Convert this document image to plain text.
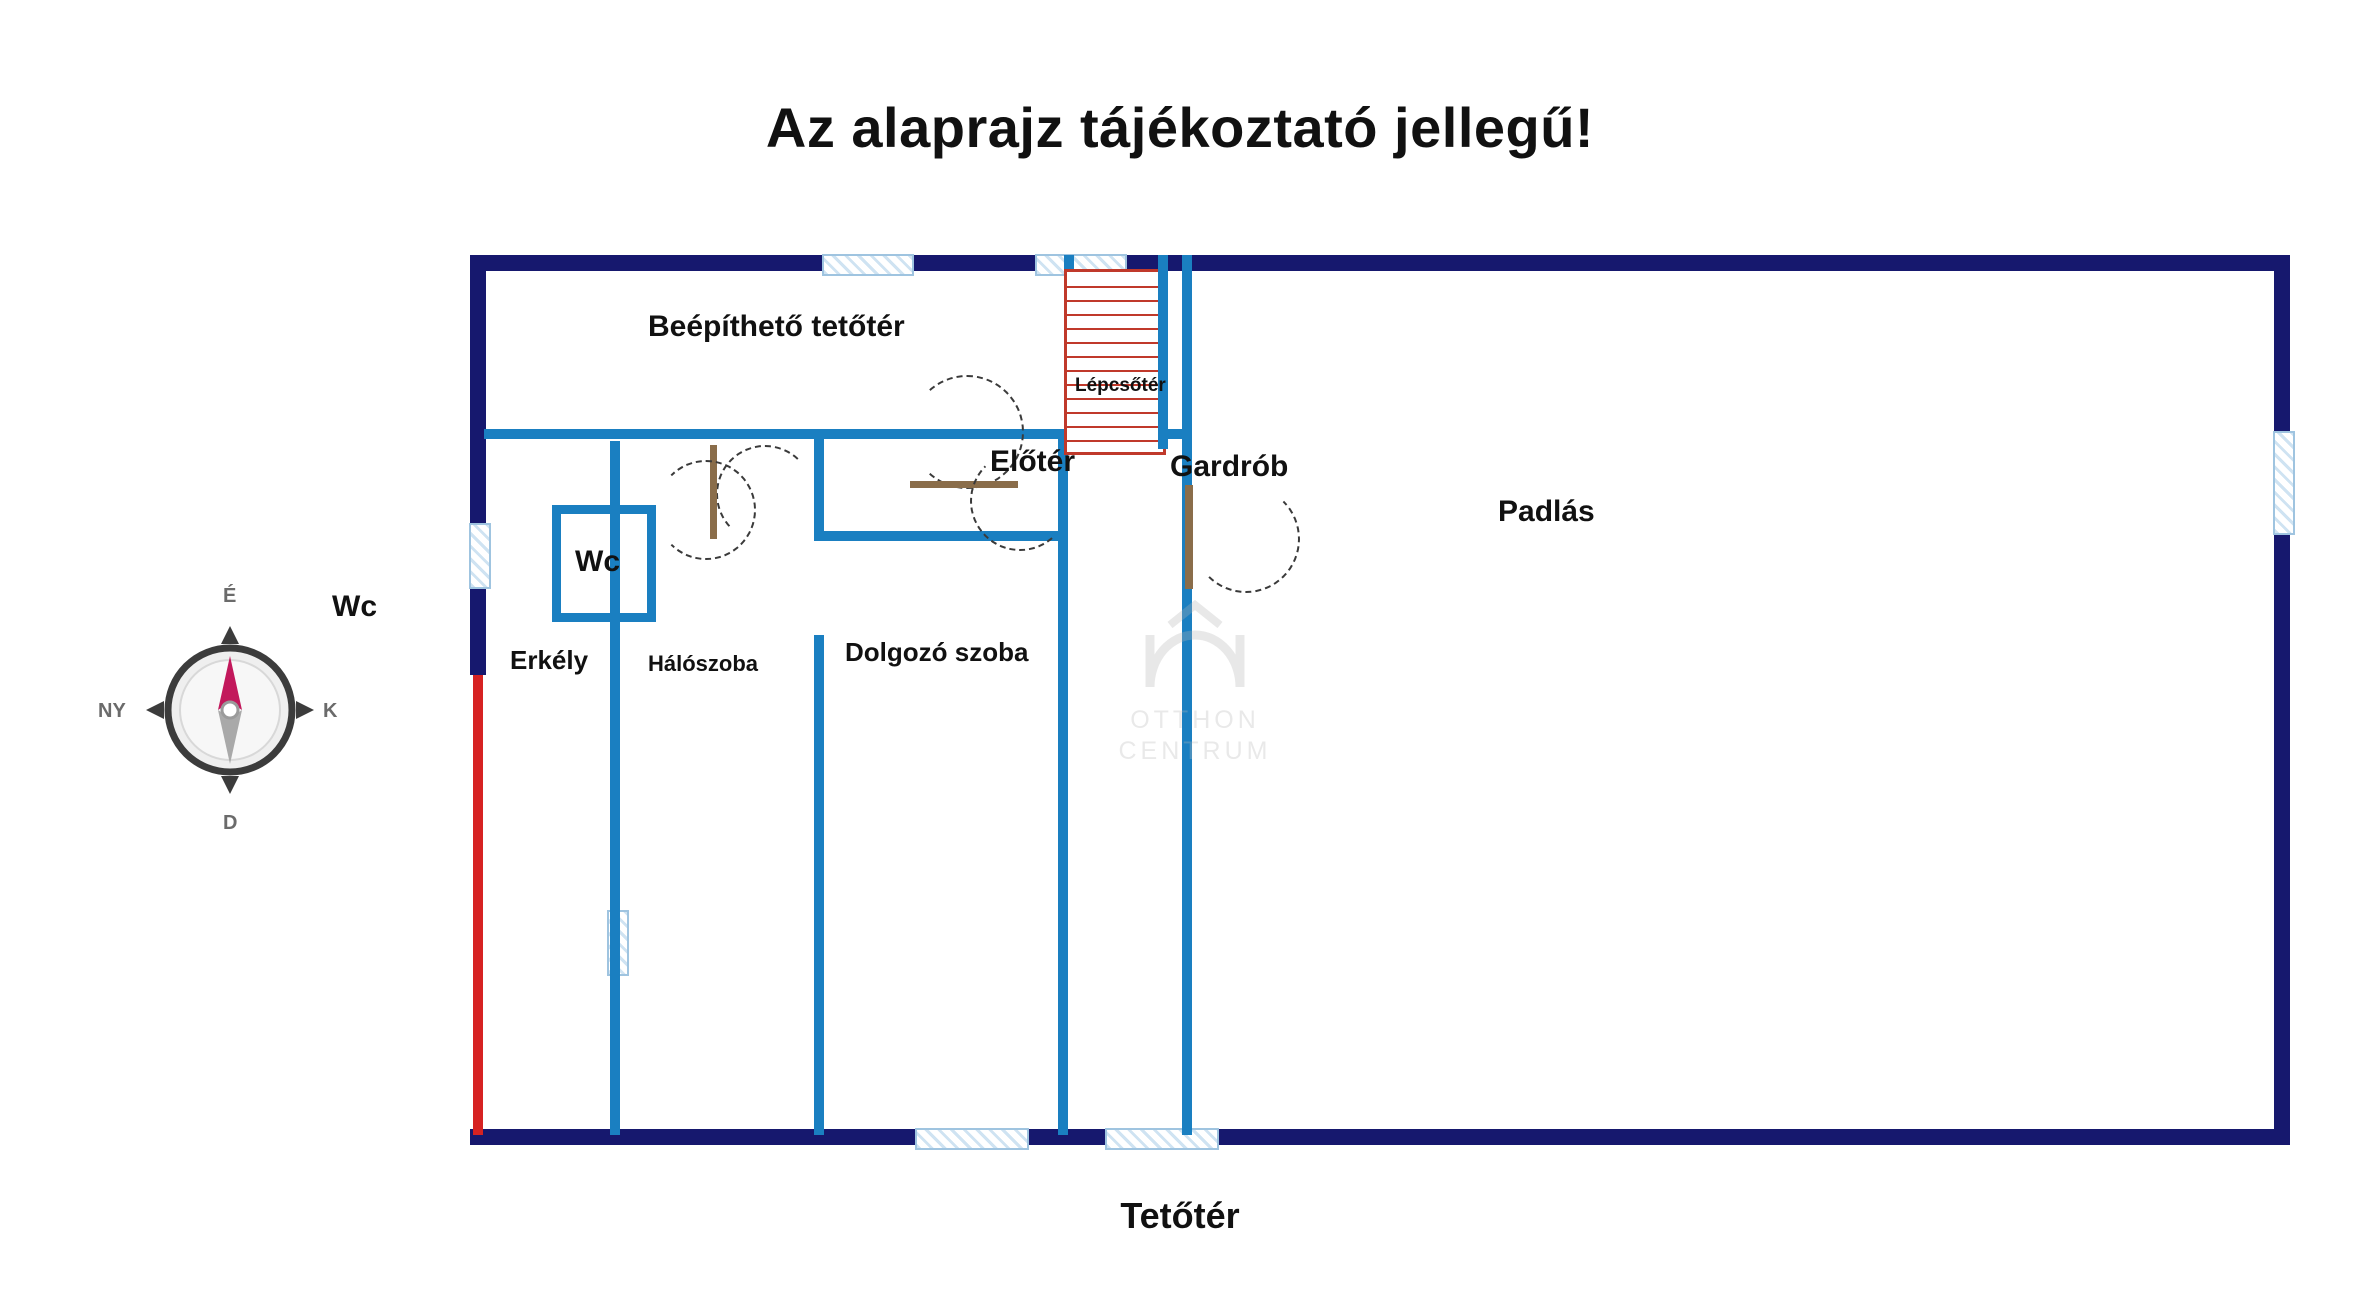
Az alaprajz tájékoztató jellegű!
É
K
D
NY
Wc
Beépíthető tetőtér
Lépcsőtér
Előtér	Gardrób
Padlás
Wc
Erkély	Hálószoba	Dolgozó szoba
OTTHON
CENTRUM
Tetőtér
